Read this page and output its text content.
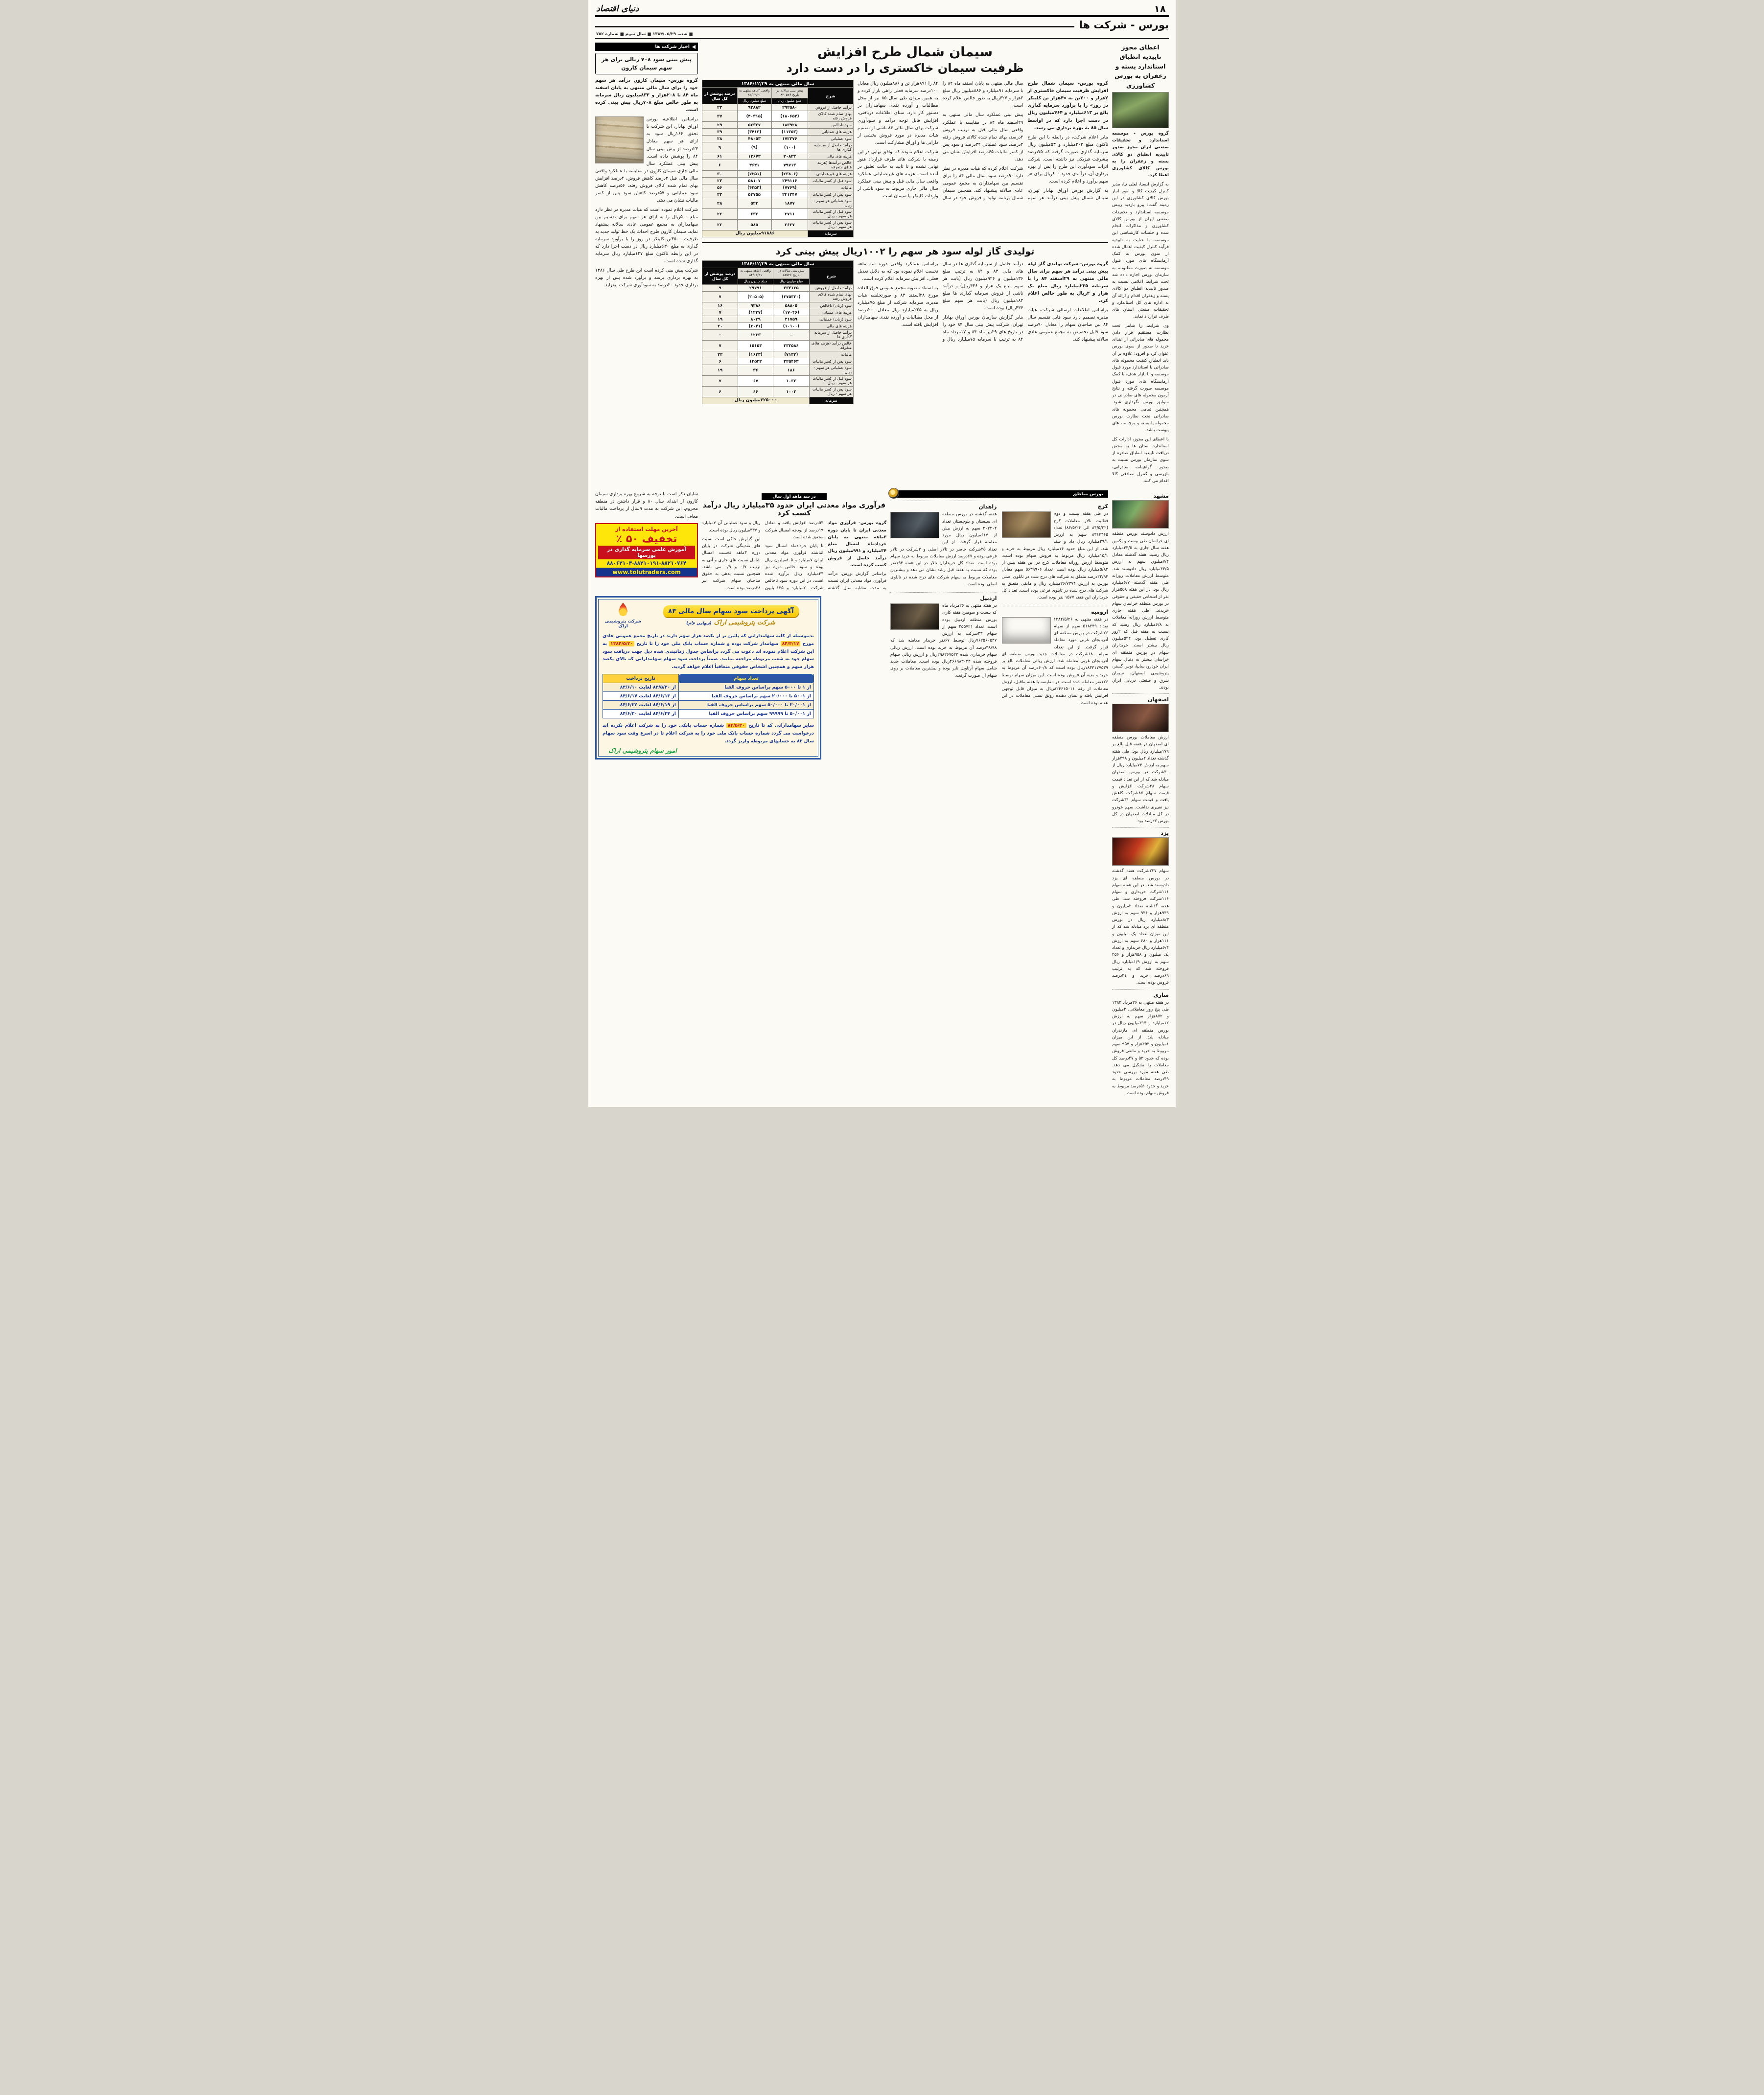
۱۸
دنیای اقتصاد
بورس - شرکت ها
■ شنبه ۱۳۸۴/۰۵/۲۹ ■ سال سوم ■ شماره ۷۵۲
اعطای مجوز تاییدیه انطباق استاندارد پسته و زعفران به بورس کشاورزی

گروه بورس - موسسه استاندارد و تحقیقات صنعتی ایران مجوز صدور تاییدیه انطباق دو کالای پسته و زعفران را به بورس کالای کشاورزی اعطا کرد.

به گزارش ایسنا، لعلی نیا، مدیر کنترل کیفیت کالا و امور انبار بورس کالای کشاورزی در این زمینه گفت: پیرو بازدید رییس موسسه استاندارد و تحقیقات صنعتی ایران از بورس کالای کشاورزی و مذاکرات انجام شده و جلسات کارشناسی این موسسه، با عنایت به تاییدیه فرآیند کنترل کیفیت اعمال شده از سوی بورس به کمک آزمایشگاه های مورد قبول موسسه به صورت مطلوب، به سازمان بورس اجازه داده شد تحت شرایط اعلامی نسبت به صدور تاییدیه انطباق دو کالای پسته و زعفران اقدام و ارائه آن به اداره های کل استاندارد و تحقیقات صنعتی استان های طرف قرارداد نماید.

وی شرایط را شامل تحت نظارت مستقیم قرار دادن محموله های صادراتی از ابتدای خرید تا صدور از سوی بورس عنوان کرد و افزود: علاوه بر آن باید انطباق کیفیت محموله های صادراتی با استاندارد مورد قبول موسسه و با بازار هدف، با کمک آزمایشگاه های مورد قبول موسسه صورت گرفته و نتایج آزمون محموله های صادراتی در سوابق بورس نگهداری شود. همچنین تمامی محموله های صادراتی تحت نظارت بورس محموله یا بسته و برچسب های پیوست باشد.

با اعطای این مجوز، ادارات کل استاندارد استان ها به محض دریافت تاییدیه انطباق صادره از سوی سازمان بورس نسبت به صدور گواهینامه صادراتی، بازرسی و کنترل تصادفی کالا اقدام می کنند.

سیمان شمال طرح افزایش
ظرفیت سیمان خاکستری را در دست دارد

گروه بورس- سیمان شمال طرح افزایش ظرفیت سیمان خاکستری از ۲هزار و ۲۰۰تن به «۴هزار تن کلینکر در روز» را با برآورد سرمایه گذاری بالغ بر ۶۱۳میلیارد و ۴۶۴میلیون ریال در دست اجرا دارد که در اواسط سال ۸۵ به بهره برداری می رسد.

بنابر اعلام شرکت، در رابطه با این طرح تاکنون مبلغ ۲۰۲میلیارد و ۵۳میلیون ریال سرمایه گذاری صورت گرفته که ۷۵درصد پیشرفت فیزیکی نیز داشته است. شرکت اثرات سودآوری این طرح را پس از بهره برداری آن، درآمدی حدود ۸۰۰ریال برای هر سهم برآورد و اعلام کرده است.

به گزارش بورس اوراق بهادار تهران، سیمان شمال پیش بینی درآمد هر سهم سال مالی منتهی به پایان اسفند ماه ۸۴ را با سرمایه ۹۱میلیارد و ۸۸۶میلیون ریال مبلغ ۲هزار و ۶۲۷ریال به طور خالص اعلام کرده است.

پیش بینی عملکرد سال مالی منتهی به ۲۹اسفند ماه ۸۴ در مقایسه با عملکرد واقعی سال مالی قبل به ترتیب فروش ۴درصد، بهای تمام شده کالای فروش رفته ۲درصد، سود عملیاتی ۳۴درصد و سود پس از کسر مالیات ۶۵درصد افزایش نشان می دهد.

شرکت اعلام کرده که هیات مدیره در نظر دارد ۹۰درصد سود سال مالی ۸۴ را برای تقسیم بین سهامداران به مجمع عمومی عادی سالانه پیشنهاد کند. همچنین سیمان شمال برنامه تولید و فروش خود در سال ۸۴ را ۸۹۱هزار تن و ۸۸۶میلیون ریال معادل ۱۰۰درصد سرمایه فعلی راهی بازار کرده و به همین میزان طی سال ۸۵ نیز از محل مطالبات و آورده نقدی سهامداران در دستور کار دارد. مبنای اطلاعات دریافتی، افزایش قابل توجه درآمد و سودآوری شرکت برای سال مالی ۸۴ ناشی از تصمیم هیات مدیره در مورد فروش بخشی از دارایی ها و اوراق مشارکت است.

شرکت اعلام نموده که توافق نهایی در این زمینه با شرکت های طرف قرارداد هنوز نهایی نشده و تا تایید به حالت تعلیق در آمده است. هزینه های غیرعملیاتی عملکرد واقعی سال مالی قبل و پیش بینی عملکرد سال مالی جاری مربوط به سود ناشی از واردات کلینکر یا سیمان است.

سال مالی منتهی به ۱۳۸۴/۱۲/۲۹			
شرح	پیش بینی سالانه در تاریخ ۸۳۰۵۲۶	واقعی ۳ماهه منتهی به ۸۳/۰۳/۳۱	درصد پوشش از کل سال
	مبلغ میلیون ریال	مبلغ میلیون ریال	
درآمد حاصل از فروش	۲۹۲۵۸۰	۹۲۸۸۲	۳۲
بهای تمام شده کالای فروش رفته	(۱۸۰۶۵۴)	(۴۰۳۱۵)	۳۷
سود ناخالص	۱۸۳۹۲۸	۵۲۳۶۷	۲۹
هزینه های عملیاتی	(۱۱۳۵۳)	(۳۴۱۳)	۳۹
سود عملیاتی	۱۷۲۳۷۶	۴۸۰۵۳	۲۸
درآمد حاصل از سرمایه گذاری ها	(۱۰۰)	(۹)	۹
هزینه های مالی	۲۰۸۳۳	۱۲۶۷۳	۶۱
خالص درآمدها (هزینه ها)ی متفرقه	۷۹۷۱۳	۴۶۴۱	۶
هزینه های غیرعملیاتی	(۲۳۸۰۶)	(۷۲۵۱)	۳۰
سود قبل از کسر مالیات	۲۴۹۱۱۶	۵۸۱۰۷	۲۳
مالیات	(۷۷۶۹)	(۴۳۵۳)	۵۶
سود پس از کسر مالیات	۲۴۱۳۴۷	۵۳۷۵۵	۲۲
سود عملیاتی هر سهم - ریال	۱۸۷۷	۵۲۳	۲۸
سود قبل از کسر مالیات هر سهم - ریال	۲۷۱۱	۶۳۳	۲۲
سود پس از کسر مالیات هر سهم - ریال	۲۶۲۷	۵۸۵	۲۲
سرمایه	۹۱۸۸۶میلیون ریال		
تولیدی گاز لوله سود هر سهم را ۱۰۰۲ریال پیش بینی کرد

گروه بورس- شرکت تولیدی گاز لوله پیش بینی درآمد هر سهم برای سال مالی منتهی به ۲۹اسفند ۸۴ را با سرمایه ۲۲۵میلیارد ریال مبلغ یک هزار و ۲ریال به طور خالص اعلام کرد.

براساس اطلاعات ارسالی شرکت، هیات مدیره تصمیم دارد سود قابل تقسیم سال ۸۴ بین صاحبان سهام را معادل ۹۰درصد سود قابل تخصیص به مجمع عمومی عادی سالانه پیشنهاد کند.

درآمد حاصل از سرمایه گذاری ها در سال های مالی ۸۳ و ۸۴ به ترتیب مبلغ ۱۳۶میلیون و ۹۲۶میلیون ریال (بابت هر سهم مبلغ یک هزار و ۴۳۶ریال) و درآمد ناشی از فروش سرمایه گذاری ها مبلغ ۱۸۲میلیون ریال (بابت هر سهم مبلغ ۴۳۶ریال) بوده است.

بنابر گزارش سازمان بورس اوراق بهادار تهران، شرکت پیش بینی سال ۸۴ خود را در تاریخ های ۲۹تیر ماه ۸۴ و ۱۷مرداد ماه ۸۴ به ترتیب با سرمایه ۷۵میلیارد ریال و براساس عملکرد واقعی دوره سه ماهه نخست اعلام نموده بود که به دلایل تعدیل فعلی، افزایش سرمایه اعلام کرده است.

به استناد مصوبه مجمع عمومی فوق العاده مورخ ۲۸اسفند ۸۳ و صورتجلسه هیات مدیره، سرمایه شرکت از مبلغ ۷۵میلیارد ریال به ۲۲۵میلیارد ریال معادل ۲۰۰درصد از محل مطالبات و آورده نقدی سهامداران افزایش یافته است.

سال مالی منتهی به ۱۳۸۴/۱۲/۲۹			
شرح	پیش بینی سالانه در تاریخ ۸۳۵۲۶	واقعی ۳ماهه منتهی به ۸۴/۰۳/۳۱	درصد پوشش از کل سال
	مبلغ میلیون ریال	مبلغ میلیون ریال	
درآمد حاصل از فروش	۳۳۳۱۲۵	۲۹۷۹۱	۹
بهای تمام شده کالای فروش رفته	(۲۷۵۳۲۰)	(۲۰۵۰۵)	۷
سود (زیان) ناخالص	۵۸۸۰۵	۹۲۸۶	۱۶
هزینه های عملیاتی	(۱۷۰۴۶)	(۱۲۳۷)	۷
سود (زیان) عملیاتی	۴۱۷۵۹	۸۰۳۹	۱۹
هزینه های مالی	(۱۰۱۰۰)	(۲۰۴۱)	۲۰
درآمد حاصل از سرمایه گذاری ها	۰	۱۲۳۳	-
خالص درآمد (هزینه ها)ی متفرقه	۲۳۲۵۸۶	۱۵۱۵۳	۷
مالیات	(۷۱۳۳)	(۱۶۳۳)	۲۳
سود پس از کسر مالیات	۲۲۵۴۶۳	۱۳۵۲۲	۶
سود عملیاتی هر سهم - ریال	۱۸۶	۳۶	۱۹
سود قبل از کسر مالیات هر سهم - ریال	۱۰۳۳	۶۷	۷
سود پس از کسر مالیات هر سهم - ریال	۱۰۰۲	۶۶	۶
سرمایه	۲۲۵۰۰۰میلیون ریال		
اخبار شرکت ها
پیش بینی سود ۷۰۸ ریالی برای هر سهم سیمان کارون

گروه بورس- سیمان کارون درآمد هر سهم خود را برای سال مالی منتهی به پایان اسفند ماه ۸۴ با ۲۰۸هزار و ۸۳۳میلیون ریال سرمایه به طور خالص مبلغ ۷۰۸ریال پیش بینی کرده است.

براساس اطلاعیه بورس اوراق بهادار، این شرکت با تحقق ۱۶۶ریال سود به ازای هر سهم معادل ۲۳درصد از پیش بینی سال ۸۴ را پوشش داده است. پیش بینی عملکرد سال مالی جاری سیمان کارون در مقایسه با عملکرد واقعی سال مالی قبل ۳درصد کاهش فروش، ۴درصد افزایش بهای تمام شده کالای فروش رفته، ۵۶درصد کاهش سود عملیاتی و ۵۷درصد کاهش سود پس از کسر مالیات نشان می دهد.

شرکت اعلام نموده است که هیات مدیره در نظر دارد مبلغ ۵۰۰ریال را به ازای هر سهم برای تقسیم بین سهامداران به مجمع عمومی عادی سالانه پیشنهاد نماید. سیمان کارون طرح احداث یک خط تولید جدید به ظرفیت ۳۵۰۰تن کلینکر در روز را با برآورد سرمایه گذاری به مبلغ ۶۳۰میلیارد ریال در دست اجرا دارد که در این رابطه تاکنون مبلغ ۱۲۷میلیارد ریال سرمایه گذاری شده است.

شرکت پیش بینی کرده است این طرح طی سال ۱۳۸۶ به بهره برداری برسد و برآورد شده پس از بهره برداری حدود ۲۰درصد به سودآوری شرکت بیفزاید.

مشهد

ارزش دادوستد بورس منطقه ای خراسان طی بیست و یکمین هفته سال جاری به ۳۳/۵میلیارد ریال رسید. هفته گذشته معادل ۷/۴میلیون سهم به ارزش ۳۳/۵میلیارد ریال دادوستد شد. متوسط ارزش معاملات روزانه طی هفته گذشته ۶/۷میلیارد ریال بود. در این هفته ۵۵۸هزار نفر از اشخاص حقیقی و حقوقی در بورس منطقه خراسان سهام خریدند. طی هفته جاری متوسط ارزش روزانه معاملات به ۶/۸میلیارد ریال رسید که نسبت به هفته قبل که ۲روز کاری تعطیل بود، ۵۲۴میلیون ریال بیشتر است. خریداران سهام در بورس منطقه ای خراسان بیشتر به دنبال سهام ایران خودرو، سایپا، توس گستر، پتروشیمی اصفهان، سیمان شرق و صنعتی دریایی ایران بودند.

اصفهان

ارزش معاملات بورس منطقه ای اصفهان در هفته قبل بالغ بر ۱۷۹میلیارد ریال بود. طی هفته گذشته تعداد ۴میلیون و ۴۹۸هزار سهم به ارزش ۷۳میلیارد ریال از ۳۰شرکت در بورس اصفهان مبادله شد که از این تعداد قیمت سهام ۲۸شرکت افزایش و قیمت سهام ۸۷شرکت کاهش یافت و قیمت سهام ۳۱شرکت نیز تغییری نداشت. سهم خودرو در کل مبادلات اصفهان در کل بورس ۳درصد بود.

یزد

سهام ۲۲۷شرکت هفته گذشته در بورس منطقه ای یزد دادوستد شد. در این هفته سهام ۱۱۱شرکت خریداری و سهام ۱۱۶شرکت فروخته شد. طی هفته گذشته تعداد ۲میلیون و ۹۳۹هزار و ۹۳۶ سهم به ارزش ۸/۳میلیارد ریال در بورس منطقه ای یزد مبادله شد که از این میزان تعداد یک میلیون و ۱۱۱هزار و ۶۸۰ سهم به ارزش ۶/۴میلیارد ریال خریداری و تعداد یک میلیون و ۹۵۸هزار و ۲۵۶ سهم به ارزش ۱/۹میلیارد ریال فروخته شد که به ترتیب ۶۹درصد خرید و ۳۱درصد فروش بوده است.

ساری

در هفته منتهی به ۲۶مرداد ۱۳۸۴ طی پنج روز معاملاتی، ۲میلیون و ۸۷۲هزار سهم به ارزش ۱۲میلیارد و ۴۱۴میلیون ریال در بورس منطقه ای مازندران مبادله شد. از این میزان ۱میلیون و ۴۵۳هزار و ۹۵۷ سهم مربوط به خرید و مابقی فروش بوده که حدود ۵۳ و ۴۷درصد کل معاملات را تشکیل می دهد. طی هفته مورد بررسی حدود ۴۹درصد معاملات مربوط به خرید و حدود ۵۱درصد مربوط به فروش سهام بوده است.

بورس مناطق
کرج

در طی هفته بیست و دوم فعالیت تالار معاملات کرج (۸۴/۵/۲۲ الی ۸۴/۵/۲۶) تعداد ۸۳۱۳۴۶۵ سهم به ارزش ۲۹/۱میلیارد ریال داد و ستد شد. از این مبلغ حدود ۱۴میلیارد ریال مربوط به خرید و ۱۵/۱میلیارد ریال مربوط به فروش سهام بوده است. متوسط ارزش روزانه معاملات کرج در این هفته بیش از ۵/۸۲میلیارد ریال بوده است. تعداد ۵۶۳۹۹۰۶ سهم معادل ۲۲/۹۳درصد متعلق به شرکت های درج شده در تابلوی اصلی بورس به ارزش ۲۶/۷۳۷۴میلیارد ریال و مابقی متعلق به شرکت های درج شده در تابلوی فرعی بوده است. تعداد کل خریداران این هفته ۱۵۷۷ نفر بوده است.

ارومیه

در هفته منتهی به ۱۳۸۴/۵/۲۶ تعداد ۵۱۸۲۴۹ سهم از سهام ۲۶شرکت در بورس منطقه ای آذربایجان غربی مورد معامله قرار گرفت. از این تعداد، سهام ۱۸۰شرکت در معاملات جدید بورس منطقه ای آذربایجان غربی معامله شد. ارزش ریالی معاملات بالغ بر ۱۸۳۳۱۷۷۵۳۹ریال بوده است که ۶۰/۸درصد آن مربوط به خرید و بقیه آن فروش بوده است. این میزان سهام توسط ۱۲۶نفر معامله شده است. در مقایسه با هفته ماقبل، ارزش معاملات از رقم ۸۲۴۶۱۵۰۱۱ریال به میزان قابل توجهی افزایش یافته و نشان دهنده رونق نسبی معاملات در این هفته بوده است.

زاهدان

هفته گذشته در بورس منطقه ای سیستان و بلوچستان تعداد ۲۰۲۲۰۴ سهم به ارزش بیش از ۶۱۷میلیون ریال مورد معامله قرار گرفت. از این تعداد ۳۵شرکت حاضر در تالار اصلی و ۳شرکت در تالار فرعی بوده و ۶۷درصد ارزش معاملات مربوط به خرید سهام بوده است. تعداد کل خریداران تالار در این هفته ۱۹۳نفر بوده که نسبت به هفته قبل رشد نشان می دهد و بیشترین معاملات مربوط به سهام شرکت های درج شده در تابلوی اصلی بوده است.

اردبیل

در هفته منتهی به ۲۶مرداد ماه که بیست و سومین هفته کاری بورس منطقه اردبیل بوده است، تعداد ۲۵۵۷۲۱ سهم از سهام ۲۳شرکت به ارزش ۷۶۲۵۶۰۵۴۷ریال توسط ۶۷نفر خریدار معامله شد که ۳۸/۹۸درصد آن مربوط به خرید بوده است. ارزش ریالی سهام خریداری شده ۲۹۸۲۶۷۵۲۳ریال و ارزش ریالی سهام فروخته شده ۴۶۶۹۸۳۰۲۴ریال بوده است. معاملات جدید شامل سهام آرتاویل تایر بوده و بیشترین معاملات بر روی سهام آن صورت گرفت.

در سه ماهه اول سال
فرآوری مواد معدنی ایران حدود ۳۵میلیارد ریال درآمد کسب کرد

گروه بورس- فرآوری مواد معدنی ایران تا پایان دوره ۳ماهه منتهی به پایان خردادماه امسال مبلغ ۳۴میلیارد و ۹۹۱میلیون ریال درآمد حاصل از فروش کسب کرده است.

براساس گزارش بورس، درآمد فرآوری مواد معدنی ایران نسبت به مدت مشابه سال گذشته ۵۳درصد افزایش یافته و معادل ۱۹درصد از بودجه امسال شرکت محقق شده است.

تا پایان خردادماه امسال سود انباشته فرآوری مواد معدنی ایران ۷میلیارد و ۸۰۵میلیون ریال بوده و سود خالص دوره نیز ۳۴میلیارد ریال برآورد شده است. در این دوره سود ناخالص شرکت ۲۰میلیارد و ۱۳۵میلیون ریال و سود عملیاتی آن ۷میلیارد و ۴۳۷میلیون ریال بوده است.

این گزارش حاکی است نسبت های نقدینگی شرکت در پایان دوره ۳ماهه نخست امسال شامل نسبت های جاری و آنی به ترتیب ۰/۷ و ۰/۹ می باشد. همچنین نسبت بدهی به حقوق صاحبان سهام شرکت نیز ۲۸درصد بوده است.

شایان ذکر است با توجه به شروع بهره برداری سیمان کارون از ابتدای سال ۸۰ و قرار داشتن در منطقه محروم، این شرکت به مدت ۹سال از پرداخت مالیات معاف است.

آخرین مهلت استفاده از
تخفیف ۵۰ ٪
آموزش علمی سرمایه گذاری در بورسها
۸۸۰۶۲۱۰۴-۸۸۲۱۰۱۹۱-۸۸۲۱۰۷۶۴
www.tolutraders.com
آگهی پرداخت سود سهام سال مالی ۸۳
شرکت پتروشیمی اراک (سهامی عام)
شرکت پتروشیمی اراک

بدینوسیله از کلیه سهامدارانی که پائین تر از یکصد هزار سهم دارند در تاریخ مجمع عمومی عادی مورخ ۸۴/۳/۱۷ سهامدار شرکت بوده و شماره حساب بانک ملی خود را تا تاریخ ۱۳۸۴/۵/۲۰ به این شرکت اعلام نموده اند دعوت می گردد براساس جدول زمانبندی شده ذیل جهت دریافت سود سهام خود به شعب مربوطه مراجعه نمایند. ضمناً پرداخت سود سهام سهامدارانی که بالای یکصد هزار سهم و همچنین اشخاص حقوقی متعاقباً اعلام خواهد گردید.

تعداد سهام	تاریخ پرداخت
از ۱ تا ۵۰۰۰ سهم براساس حروف الفبا	از ۸۴/۵/۳۰ لغایت ۸۴/۶/۱۰
از ۵۰۰۱ تا ۲۰/۰۰۰ سهم براساس حروف الفبا	از ۸۴/۶/۱۳ لغایت ۸۴/۶/۱۷
از ۲۰/۰۰۱ تا ۵۰/۰۰۰ سهم براساس حروف الفبا	از ۸۴/۶/۱۹ لغایت ۸۴/۶/۲۲
از ۵۰/۰۰۱ تا ۹۹۹۹۹ سهم براساس حروف الفبا	از ۸۴/۶/۲۴ لغایت ۸۴/۶/۳۰

سایر سهامدارانی که تا تاریخ ۸۴/۵/۲۰ شماره حساب بانکی خود را به شرکت اعلام نکرده اند درخواست می گردد شماره حساب بانک ملی خود را به شرکت اعلام تا در اسرع وقت سود سهام سال ۸۳ به حسابهای مربوطه واریز گردد.

امور سهام پتروشیمی اراک
